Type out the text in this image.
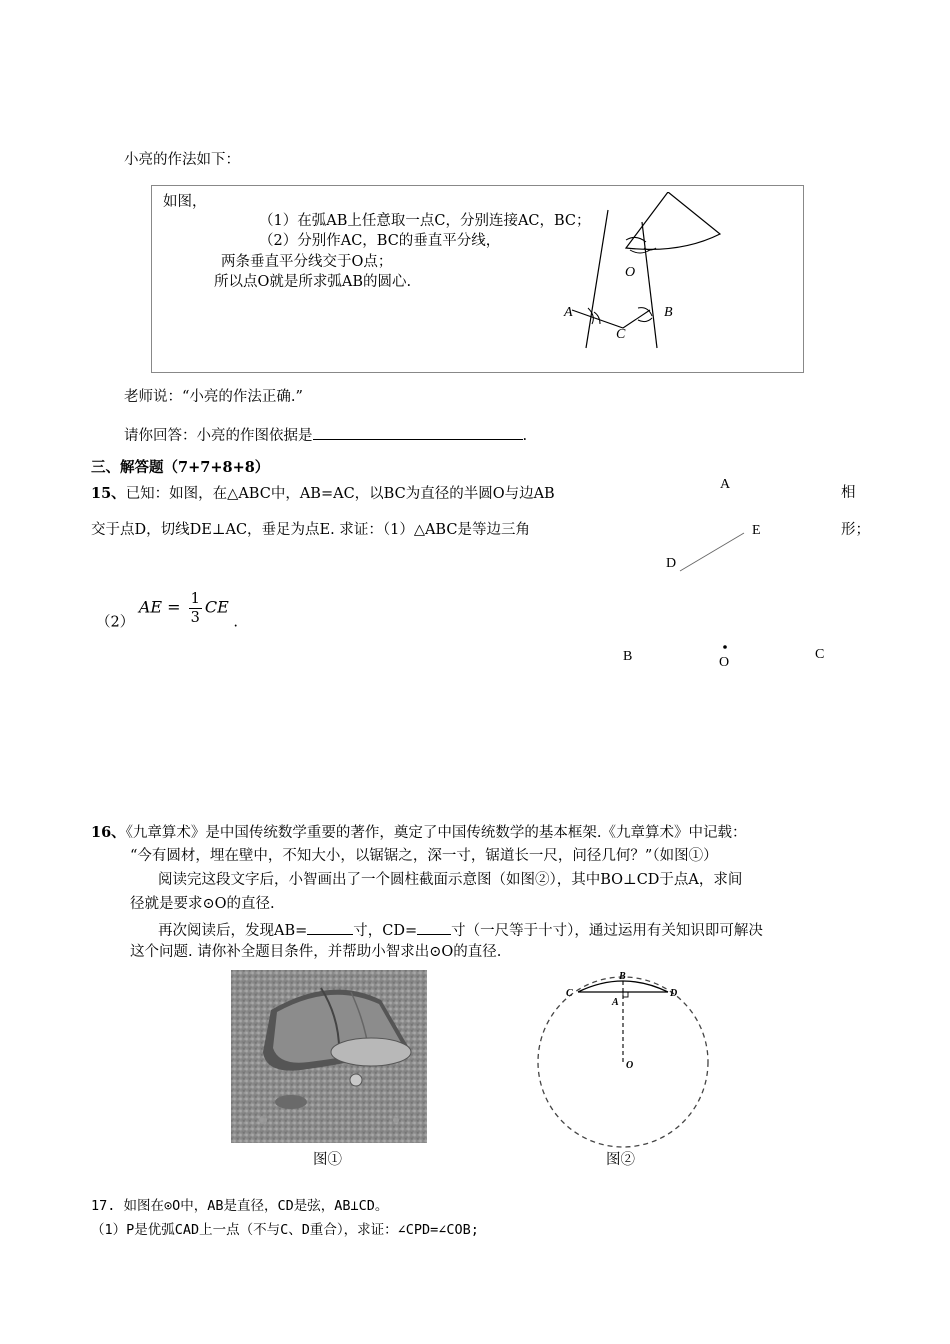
小亮的作法如下：
如图，
（1）在弧AB上任意取一点C，分别连接AC，BC；
（2）分别作AC，BC的垂直平分线，
两条垂直平分线交于O点；
所以点O就是所求弧AB的圆心.
O
A	B
C
老师说：“小亮的作法正确.”
请你回答：小亮的作图依据是	.
三、解答题（7+7+8+8）
15、已知：如图，在△ABC中，AB=AC，以BC为直径的半圆O与边AB	相
交于点D，切线DE⊥AC，垂足为点E. 求证：（1）△ABC是等边三角	形；
（2） AE = $\frac{1}{3}$ CE .
A
E
D
B	O
C
16、《九章算术》是中国传统数学重要的著作，奠定了中国传统数学的基本框架.《九章算术》中记载：
“今有圆材，埋在壁中，不知大小，以锯锯之，深一寸，锯道长一尺，问径几何？”（如图①）
阅读完这段文字后，小智画出了一个圆柱截面示意图（如图②），其中BO⊥CD于点A，求间
径就是要求⊙O的直径.
再次阅读后，发现AB=	寸，CD= 寸（一尺等于十寸），通过运用有关知识即可解决
这个问题. 请你补全题目条件，并帮助小智求出⊙O的直径.
图①
C
B
D
A
O
图②
17. 如图在⊙O中，AB是直径，CD是弦，AB⊥CD。
（1）P是优弧CAD上一点（不与C、D重合），求证：∠CPD=∠COB;
